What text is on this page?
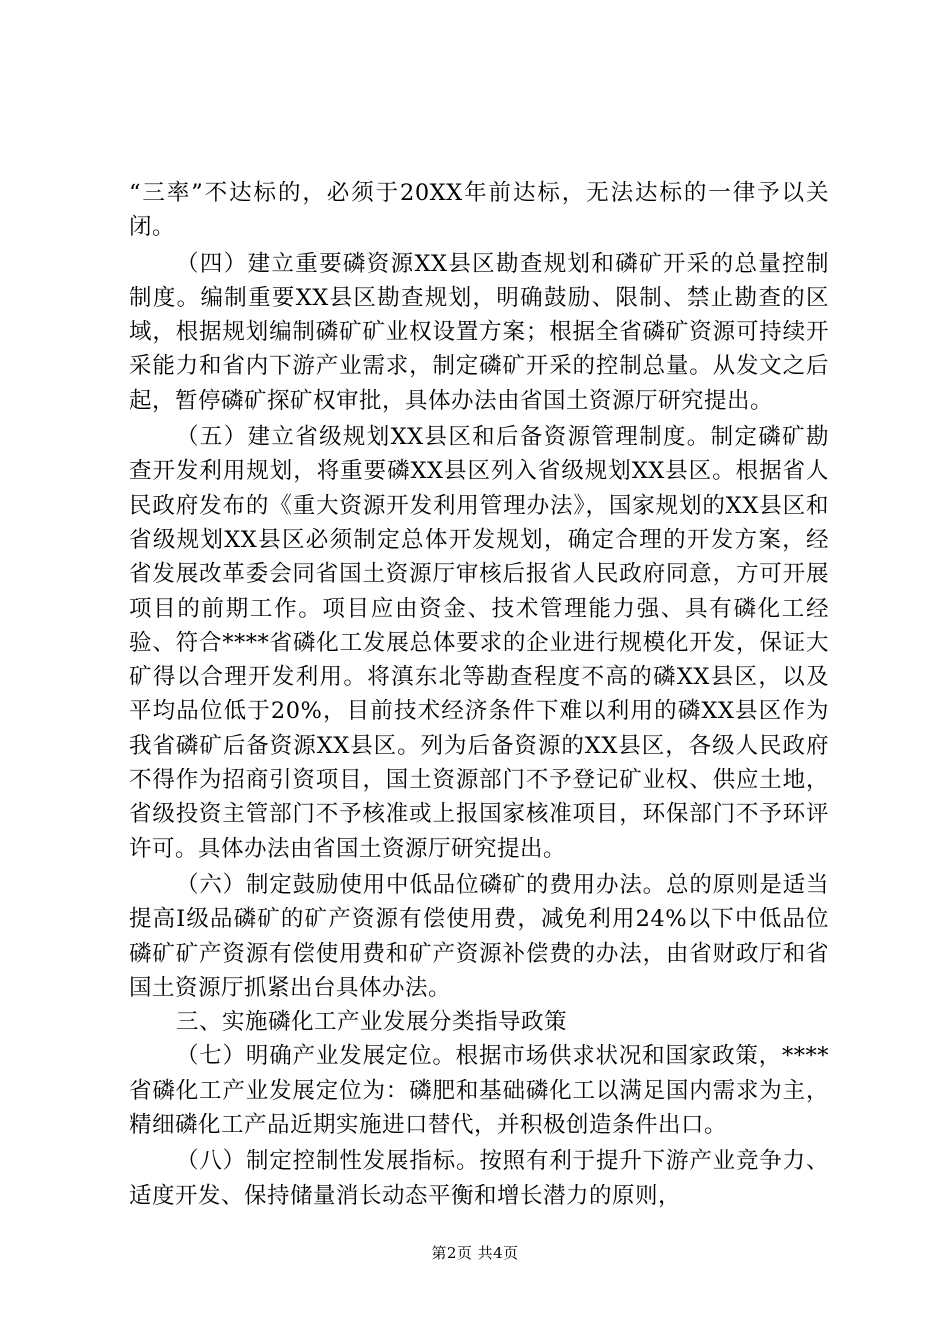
“三率”不达标的，必须于20XX年前达标，无法达标的一律予以关闭。

（四）建立重要磷资源XX县区勘查规划和磷矿开采的总量控制制度。编制重要XX县区勘查规划，明确鼓励、限制、禁止勘查的区域，根据规划编制磷矿矿业权设置方案；根据全省磷矿资源可持续开采能力和省内下游产业需求，制定磷矿开采的控制总量。从发文之后起，暂停磷矿探矿权审批，具体办法由省国土资源厅研究提出。

（五）建立省级规划XX县区和后备资源管理制度。制定磷矿勘查开发利用规划，将重要磷XX县区列入省级规划XX县区。根据省人民政府发布的《重大资源开发利用管理办法》，国家规划的XX县区和省级规划XX县区必须制定总体开发规划，确定合理的开发方案，经省发展改革委会同省国土资源厅审核后报省人民政府同意，方可开展项目的前期工作。项目应由资金、技术管理能力强、具有磷化工经验、符合****省磷化工发展总体要求的企业进行规模化开发，保证大矿得以合理开发利用。将滇东北等勘查程度不高的磷XX县区，以及平均品位低于20%，目前技术经济条件下难以利用的磷XX县区作为我省磷矿后备资源XX县区。列为后备资源的XX县区，各级人民政府不得作为招商引资项目，国土资源部门不予登记矿业权、供应土地，省级投资主管部门不予核准或上报国家核准项目，环保部门不予环评许可。具体办法由省国土资源厅研究提出。

（六）制定鼓励使用中低品位磷矿的费用办法。总的原则是适当提高Ⅰ级品磷矿的矿产资源有偿使用费，减免利用24%以下中低品位磷矿矿产资源有偿使用费和矿产资源补偿费的办法，由省财政厅和省国土资源厅抓紧出台具体办法。

三、实施磷化工产业发展分类指导政策

（七）明确产业发展定位。根据市场供求状况和国家政策，****省磷化工产业发展定位为：磷肥和基础磷化工以满足国内需求为主，精细磷化工产品近期实施进口替代，并积极创造条件出口。

（八）制定控制性发展指标。按照有利于提升下游产业竞争力、适度开发、保持储量消长动态平衡和增长潜力的原则，

第2页 共4页
